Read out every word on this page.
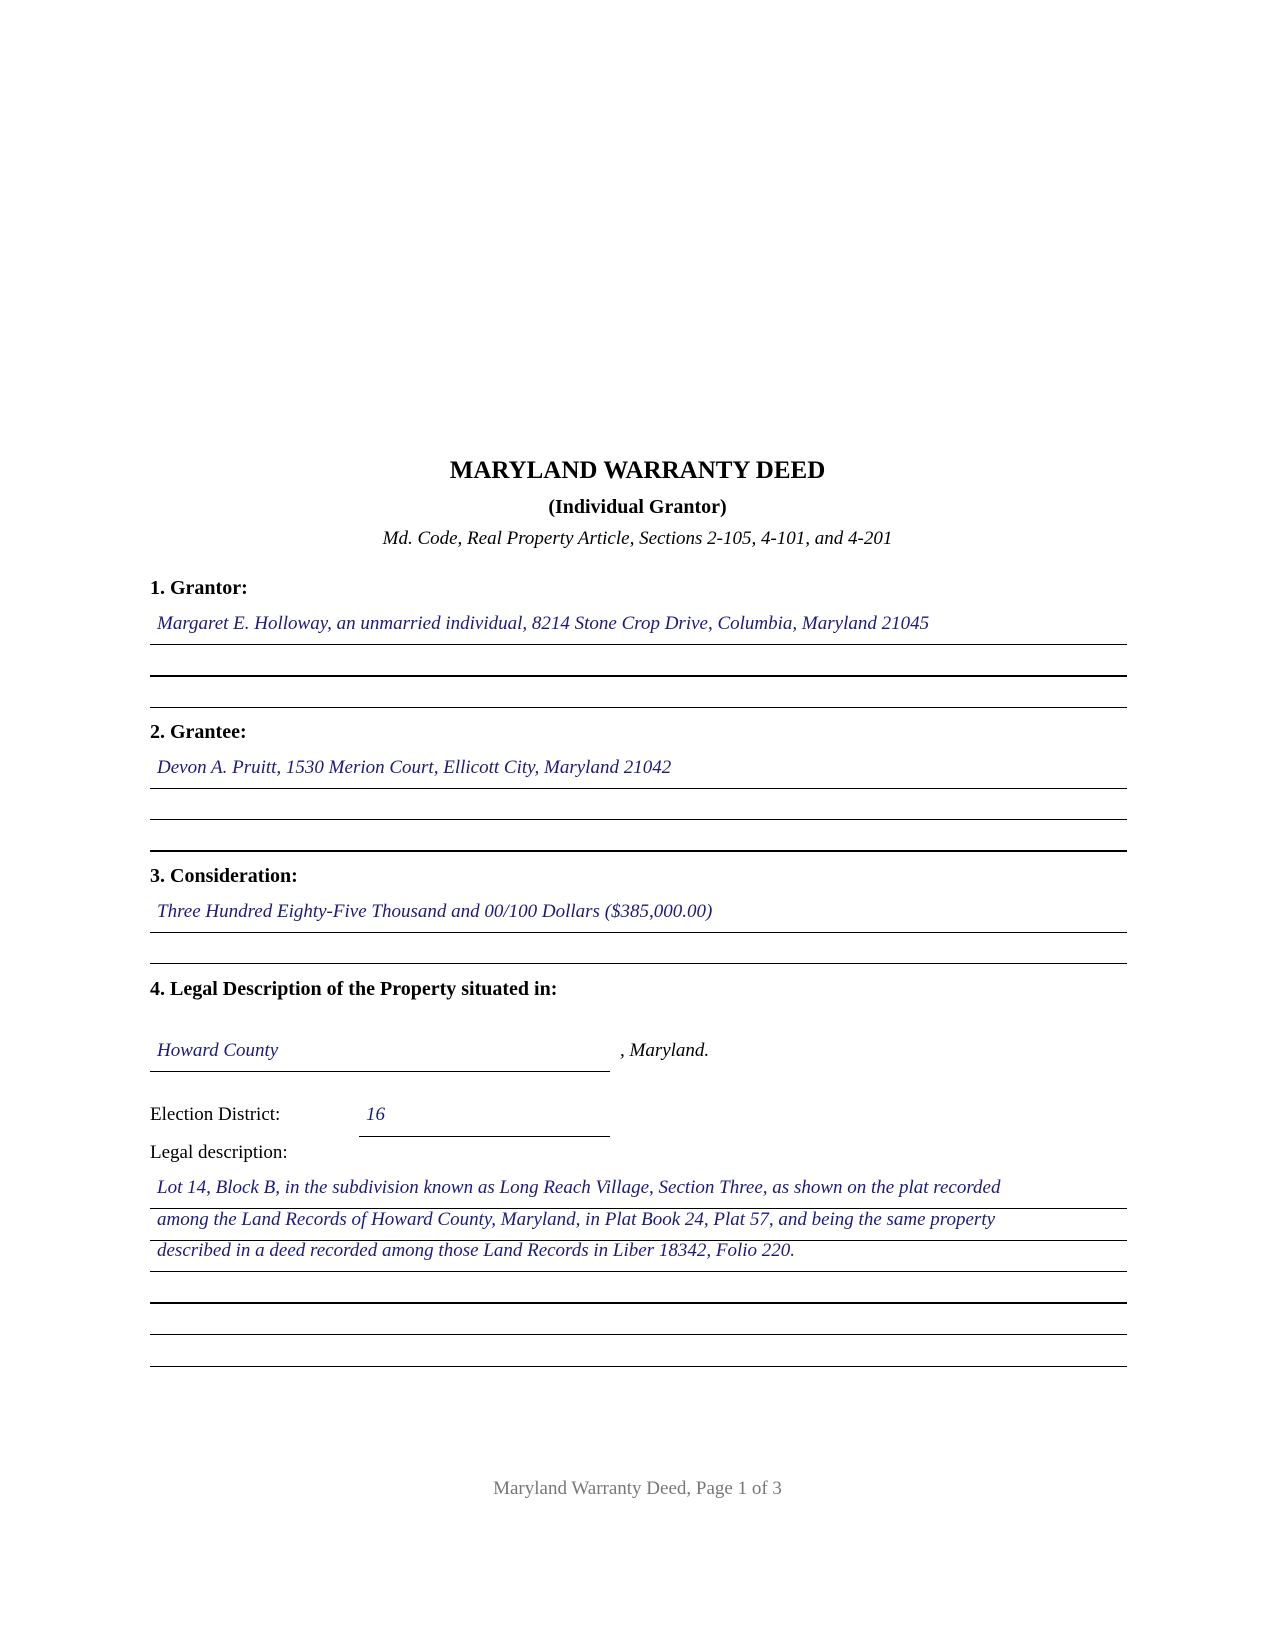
MARYLAND WARRANTY DEED
(Individual Grantor)
Md. Code, Real Property Article, Sections 2-105, 4-101, and 4-201
1. Grantor:
Margaret E. Holloway, an unmarried individual, 8214 Stone Crop Drive, Columbia, Maryland 21045
2. Grantee:
Devon A. Pruitt, 1530 Merion Court, Ellicott City, Maryland 21042
3. Consideration:
Three Hundred Eighty-Five Thousand and 00/100 Dollars ($385,000.00)
4. Legal Description of the Property situated in:
Howard County	, Maryland.
Election District:	16
Legal description:
Lot 14, Block B, in the subdivision known as Long Reach Village, Section Three, as shown on the plat recorded
among the Land Records of Howard County, Maryland, in Plat Book 24, Plat 57, and being the same property
described in a deed recorded among those Land Records in Liber 18342, Folio 220.
Maryland Warranty Deed, Page 1 of 3
